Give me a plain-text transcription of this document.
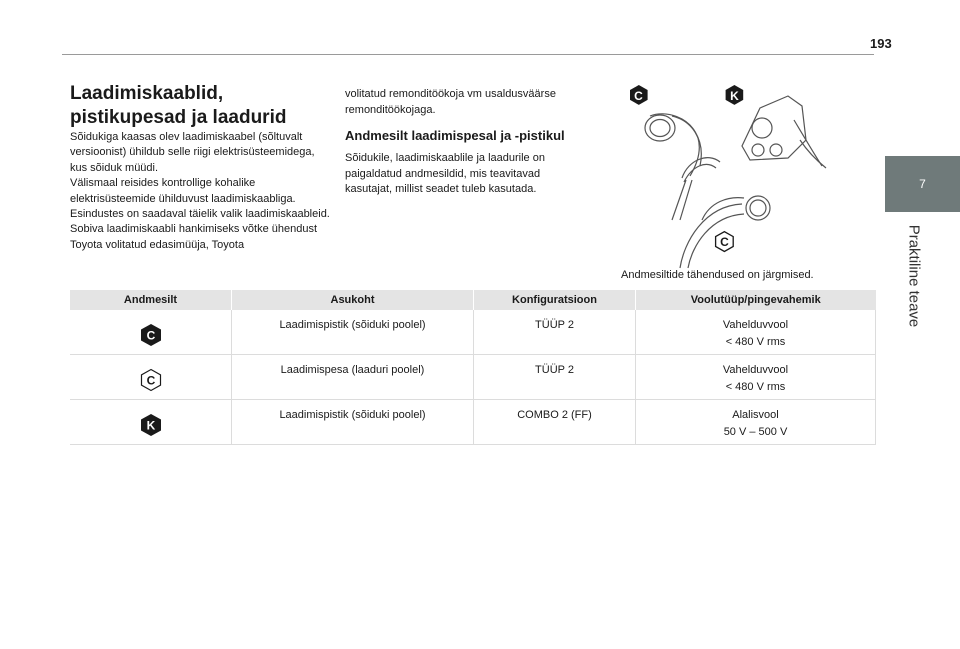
193
7
Praktiline teave
Laadimiskaablid, pistikupesad ja laadurid

Sõidukiga kaasas olev laadimiskaabel (sõltuvalt versioonist) ühildub selle riigi elektrisüsteemidega, kus sõiduk müüdi.

Välismaal reisides kontrollige kohalike elektrisüsteemide ühilduvust laadimiskaabliga.

Esindustes on saadaval täielik valik laadimiskaableid.

Sobiva laadimiskaabli hankimiseks võtke ühendust Toyota volitatud edasimüüja, Toyota

volitatud remonditöökoja vm usaldusväärse remonditöökojaga.

Andmesilt laadimispesal ja -pistikul

Sõidukile, laadimiskaablile ja laadurile on paigaldatud andmesildid, mis teavitavad kasutajat, millist seadet tuleb kasutada.

C	K
C
Andmesiltide tähendused on järgmised.
Andmesilt	Asukoht	Konfiguratsioon	Voolutüüp/pingevahemik

C	Laadimispistik (sõiduki poolel)	TÜÜP 2	Vahelduvvool
< 480 V rms

C	Laadimispesa (laaduri poolel)	TÜÜP 2	Vahelduvvool
< 480 V rms

K	Laadimispistik (sõiduki poolel)	COMBO 2 (FF)	Alalisvool
50 V – 500 V
